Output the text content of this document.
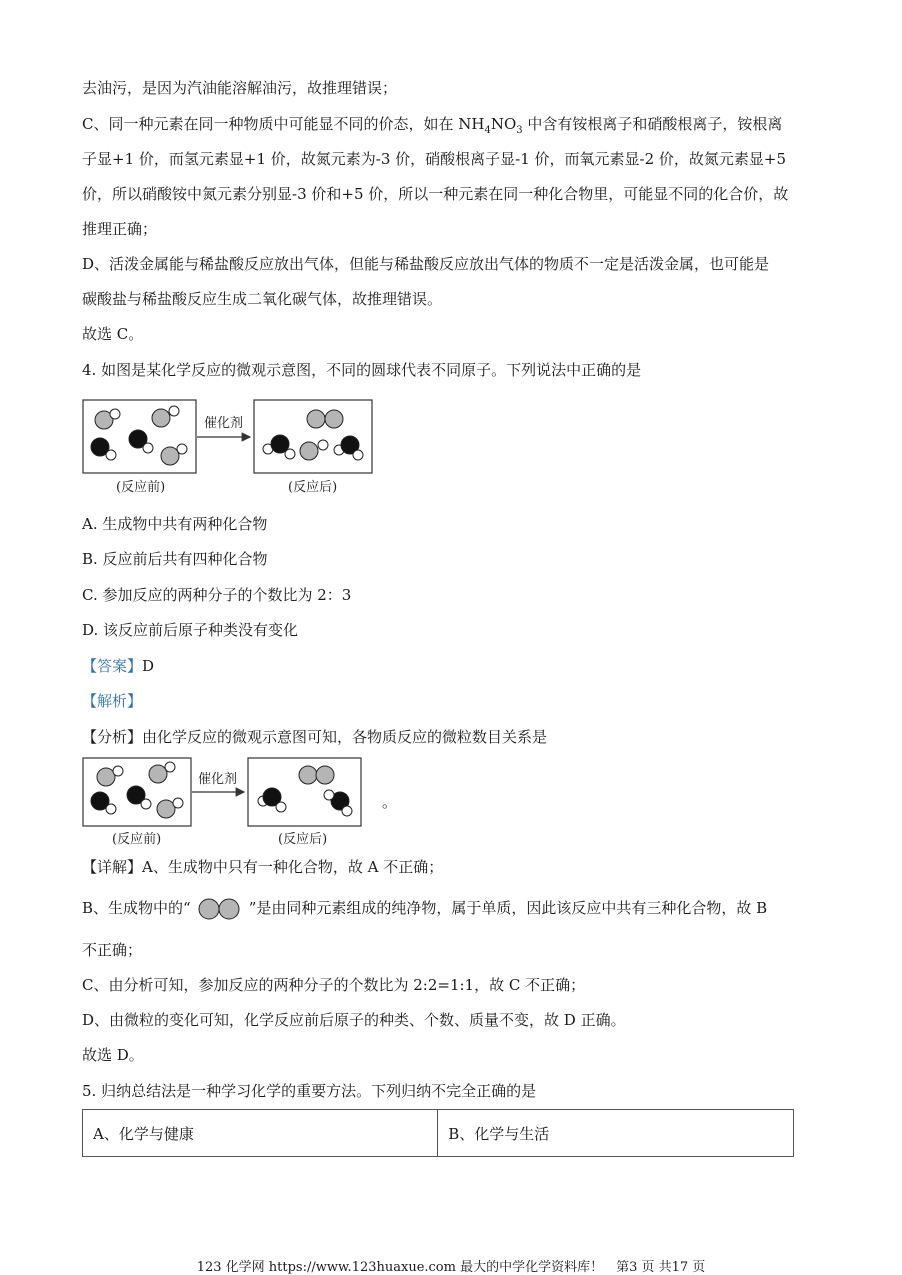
去油污，是因为汽油能溶解油污，故推理错误；
C、同一种元素在同一种物质中可能显不同的价态，如在 $NH_4NO_3$ 中含有铵根离子和硝酸根离子，铵根离
子显+1 价，而氢元素显+1 价，故氮元素为-3 价，硝酸根离子显-1 价，而氧元素显-2 价，故氮元素显+5
价，所以硝酸铵中氮元素分别显-3 价和+5 价，所以一种元素在同一种化合物里，可能显不同的化合价，故
推理正确；
D、活泼金属能与稀盐酸反应放出气体，但能与稀盐酸反应放出气体的物质不一定是活泼金属，也可能是
碳酸盐与稀盐酸反应生成二氧化碳气体，故推理错误。
故选 C。
4. 如图是某化学反应的微观示意图，不同的圆球代表不同原子。下列说法中正确的是
催化剂
(反应前)	(反应后)
A. 生成物中共有两种化合物
B. 反应前后共有四种化合物
C. 参加反应的两种分子的个数比为 2：3
D. 该反应前后原子种类没有变化
【答案】D
【解析】
【分析】由化学反应的微观示意图可知，各物质反应的微粒数目关系是
催化剂
(反应前)	(反应后)
。
【详解】A、生成物中只有一种化合物，故 A 不正确；
B、生成物中的“	”是由同种元素组成的纯净物，属于单质，因此该反应中共有三种化合物，故 B
不正确；
C、由分析可知，参加反应的两种分子的个数比为 2:2=1:1，故 C 不正确；
D、由微粒的变化可知，化学反应前后原子的种类、个数、质量不变，故 D 正确。
故选 D。
5. 归纳总结法是一种学习化学的重要方法。下列归纳不完全正确的是
A、化学与健康	B、化学与生活
123 化学网 https://www.123huaxue.com 最大的中学化学资料库！　第3 页 共17 页
